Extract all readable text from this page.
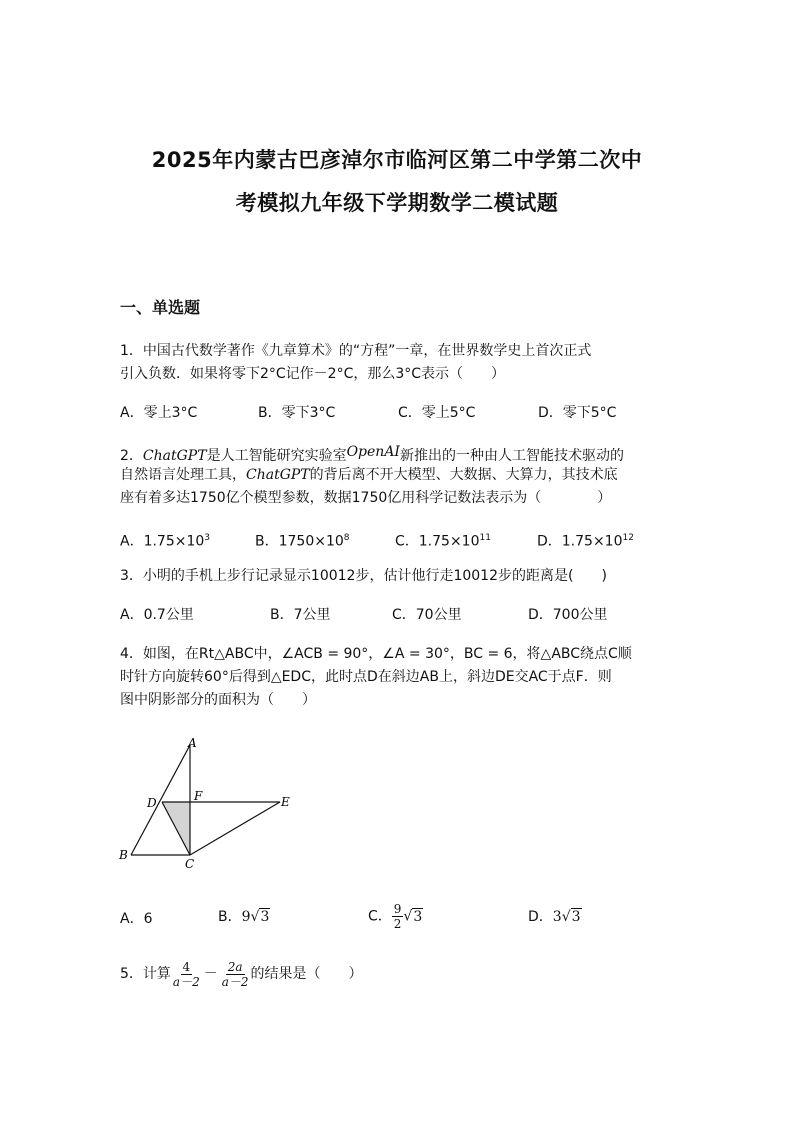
2025年内蒙古巴彦淖尔市临河区第二中学第二次中
考模拟九年级下学期数学二模试题
一、单选题
1．中国古代数学著作《九章算术》的“方程”一章，在世界数学史上首次正式
引入负数．如果将零下2°C记作－2°C，那么3°C表示（　　）
A．零上3°C	B．零下3°C	C．零上5°C	D．零下5°C
2．ChatGPT是人工智能研究实验室OpenAI新推出的一种由人工智能技术驱动的
自然语言处理工具，ChatGPT的背后离不开大模型、大数据、大算力，其技术底
座有着多达1750亿个模型参数，数据1750亿用科学记数法表示为（　　　　）
A．$1.75\times 10^3$	B．$1750\times 10^8$	C．$1.75\times 10^{11}$	D．$1.75\times 10^{12}$
3．小明的手机上步行记录显示10012步，估计他行走10012步的距离是(　　)
A．0.7公里	B．7公里	C．70公里	D．700公里
4．如图，在Rt△ABC中，∠ACB = 90°，∠A = 30°，BC = 6，将△ABC绕点C顺
时针方向旋转60°后得到△EDC，此时点D在斜边AB上，斜边DE交AC于点F．则
图中阴影部分的面积为（　　）
A
B
C
D	E
F
A．6	B．9√3	C． $\frac{9}{2} √3$	D．3√3
5．计算 $\frac{4}{a-2} - \frac{2a}{a-2}$ 的结果是（　　）
